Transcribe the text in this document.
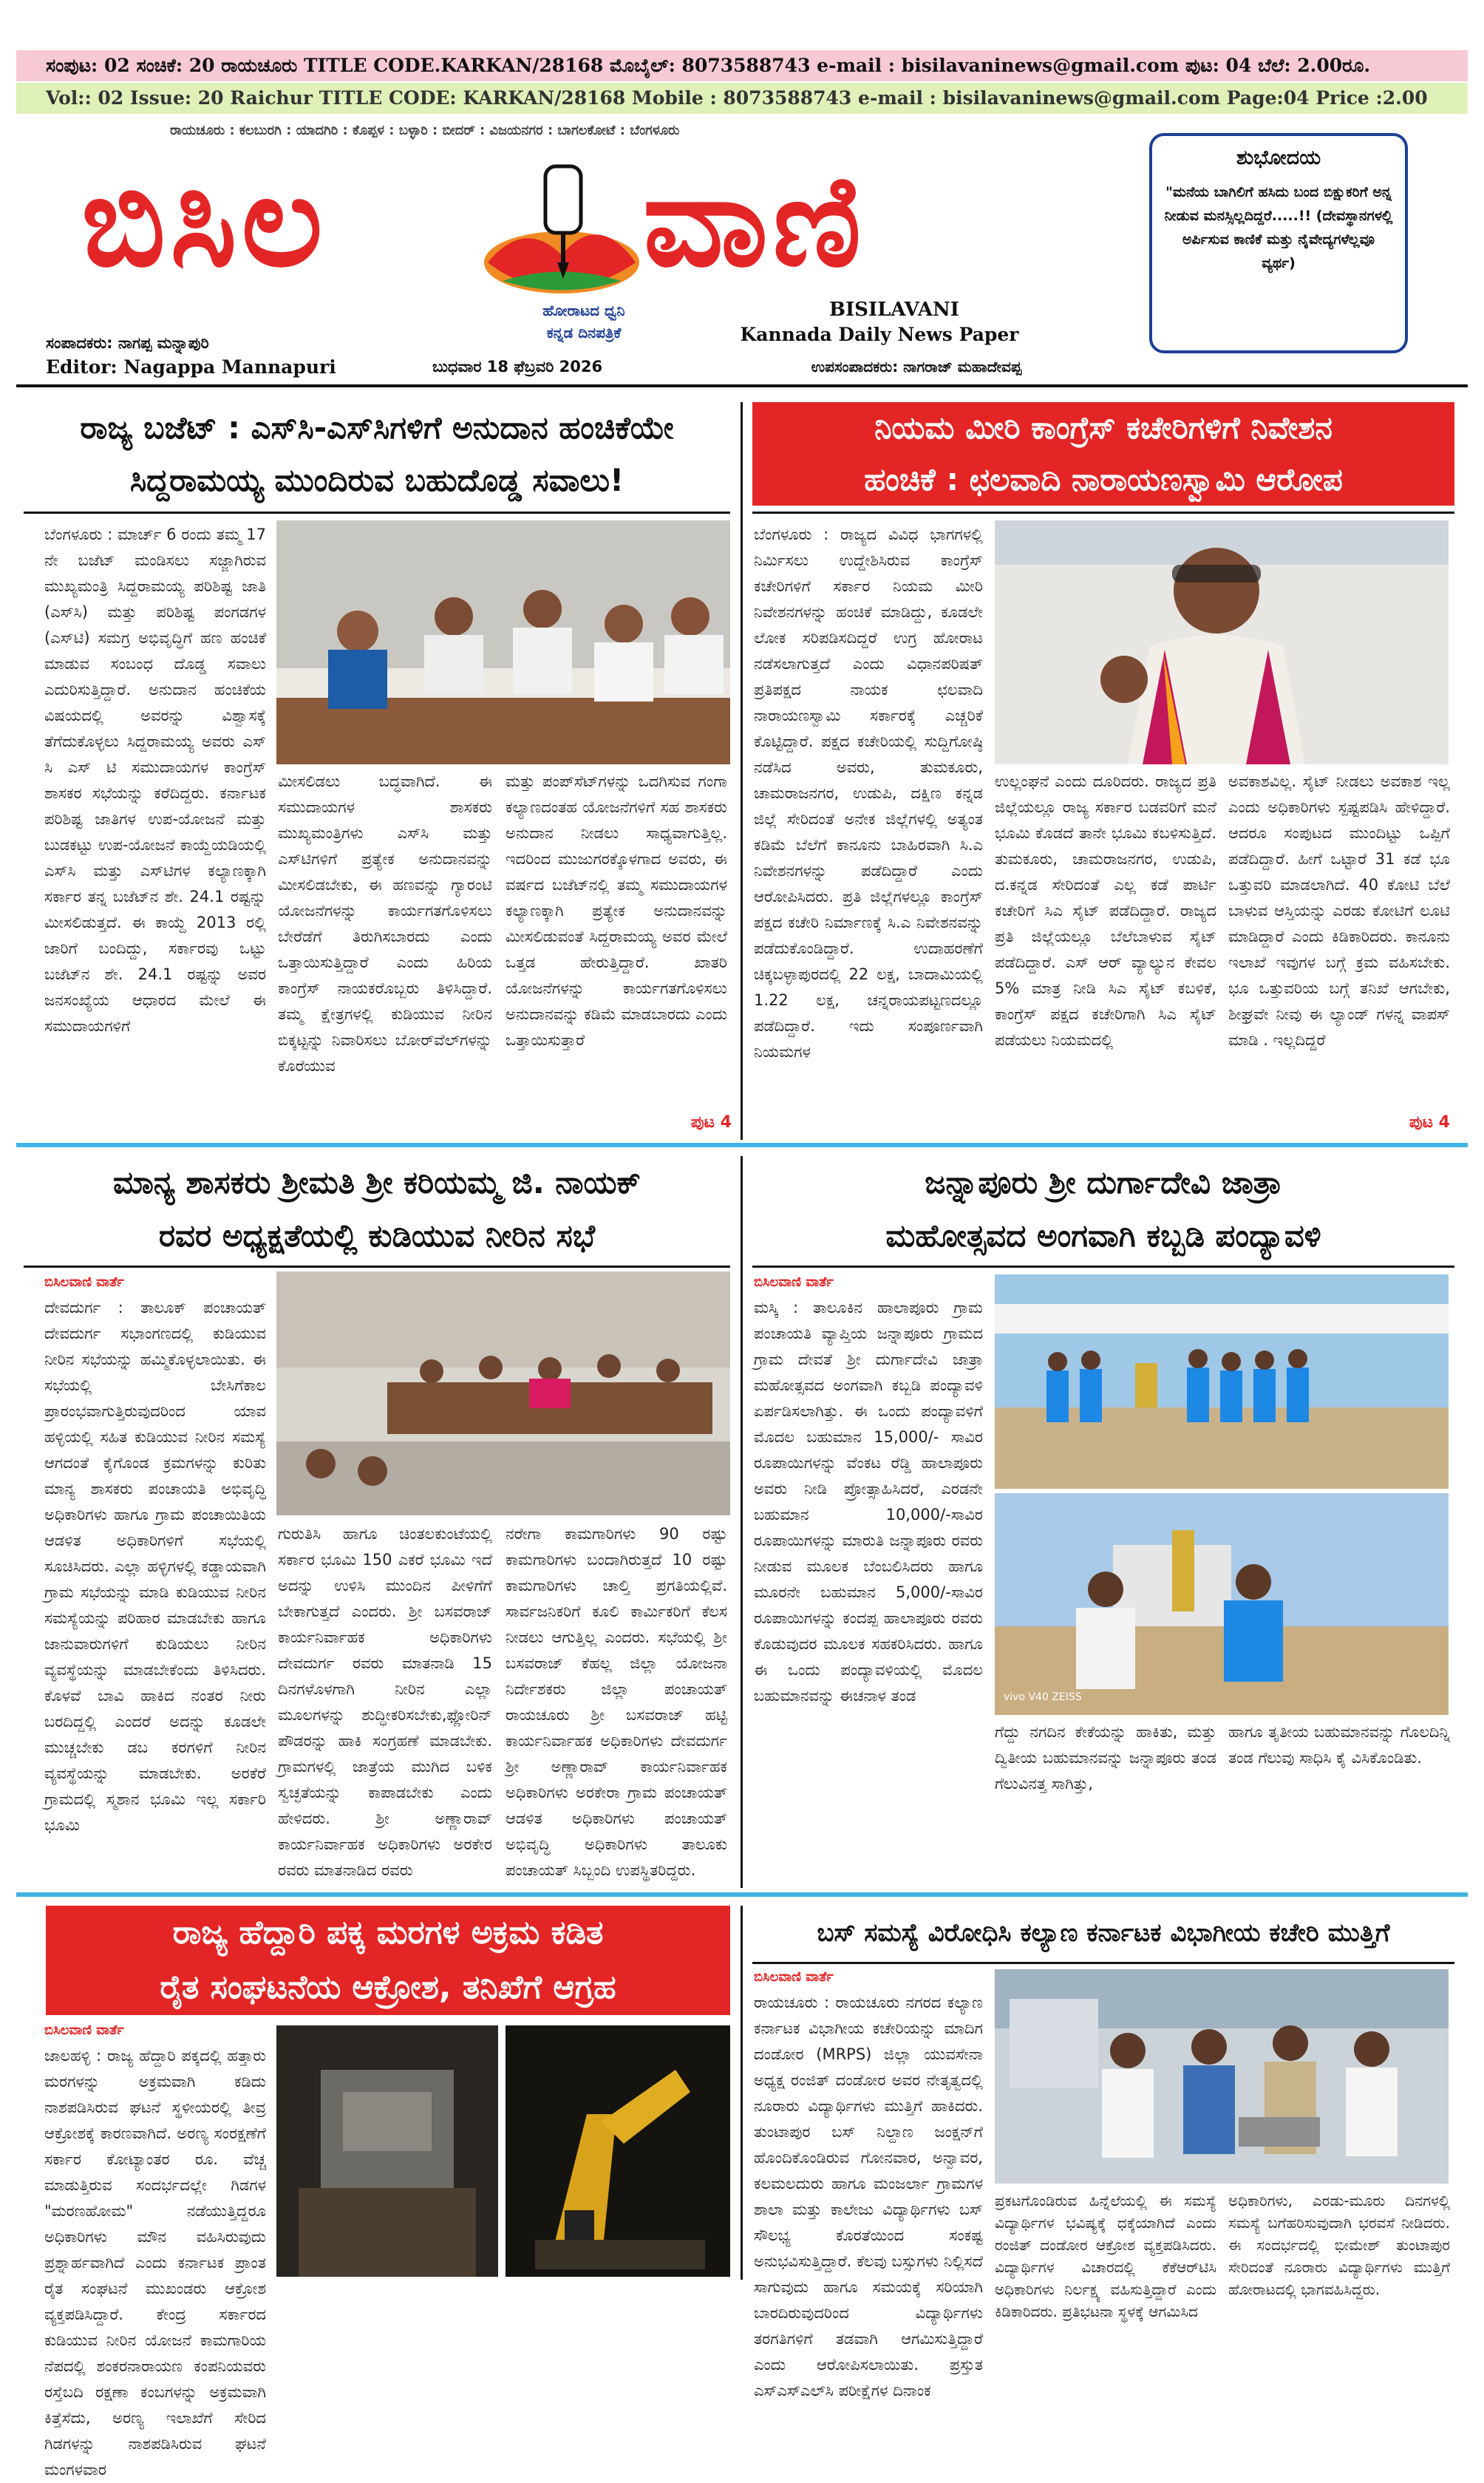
ಸಂಪುಟ: 02 ಸಂಚಿಕೆ: 20 ರಾಯಚೂರು TITLE CODE.KARKAN/28168 ಮೊಬೈಲ್: 8073588743 e-mail : bisilavaninews@gmail.com ಪುಟ: 04 ಬೆಲೆ: 2.00ರೂ.
Vol:: 02 Issue: 20 Raichur TITLE CODE: KARKAN/28168 Mobile : 8073588743 e-mail : bisilavaninews@gmail.com Page:04 Price :2.00
ರಾಯಚೂರು : ಕಲಬುರಗಿ : ಯಾದಗಿರಿ : ಕೊಪ್ಪಳ : ಬಳ್ಳಾರಿ : ಬೀದರ್ : ವಿಜಯನಗರ : ಬಾಗಲಕೋಟೆ : ಬೆಂಗಳೂರು
ಬಿಸಿಲ	ವಾಣಿ
ಹೋರಾಟದ ಧ್ವನಿ
ಕನ್ನಡ ದಿನಪತ್ರಿಕೆ
BISILAVANI
Kannada Daily News Paper
ಸಂಪಾದಕರು: ನಾಗಪ್ಪ ಮನ್ನಾಪುರಿ
Editor: Nagappa Mannapuri	ಬುಧವಾರ 18 ಫೆಬ್ರವರಿ 2026	ಉಪಸಂಪಾದಕರು: ನಾಗರಾಜ್ ಮಹಾದೇವಪ್ಪ
ಶುಭೋದಯ
"ಮನೆಯ ಬಾಗಿಲಿಗೆ ಹಸಿದು ಬಂದ ಬಿಕ್ಷುಕರಿಗೆ ಅನ್ನ ನೀಡುವ ಮನಸ್ಸಿಲ್ಲದಿದ್ದರೆ.....!! (ದೇವಸ್ಥಾನಗಳಲ್ಲಿ ಅರ್ಪಿಸುವ ಕಾಣಿಕೆ ಮತ್ತು ನೈವೇದ್ಯಗಳೆಲ್ಲವೂ ವ್ಯರ್ಥ)
ರಾಜ್ಯ ಬಜೆಟ್ : ಎಸ್‌ಸಿ-ಎಸ್‌ಸಿಗಳಿಗೆ ಅನುದಾನ ಹಂಚಿಕೆಯೇ
ಸಿದ್ದರಾಮಯ್ಯ ಮುಂದಿರುವ ಬಹುದೊಡ್ಡ ಸವಾಲು!
ಬೆಂಗಳೂರು : ಮಾರ್ಚ್ 6 ರಂದು ತಮ್ಮ 17 ನೇ ಬಜೆಟ್ ಮಂಡಿಸಲು ಸಜ್ಜಾಗಿರುವ ಮುಖ್ಯಮಂತ್ರಿ ಸಿದ್ದರಾಮಯ್ಯ ಪರಿಶಿಷ್ಟ ಜಾತಿ (ಎಸ್‌ಸಿ) ಮತ್ತು ಪರಿಶಿಷ್ಟ ಪಂಗಡಗಳ (ಎಸ್‌ಟಿ) ಸಮಗ್ರ ಅಭಿವೃದ್ಧಿಗೆ ಹಣ ಹಂಚಿಕೆ ಮಾಡುವ ಸಂಬಂಧ ದೊಡ್ಡ ಸವಾಲು ಎದುರಿಸುತ್ತಿದ್ದಾರೆ. ಅನುದಾನ ಹಂಚಿಕೆಯ ವಿಷಯದಲ್ಲಿ ಅವರನ್ನು ವಿಶ್ವಾಸಕ್ಕೆ ತೆಗೆದುಕೊಳ್ಳಲು ಸಿದ್ದರಾಮಯ್ಯ ಅವರು ಎಸ್ ಸಿ ಎಸ್ ಟಿ ಸಮುದಾಯಗಳ ಕಾಂಗ್ರೆಸ್ ಶಾಸಕರ ಸಭೆಯನ್ನು ಕರೆದಿದ್ದರು. ಕರ್ನಾಟಕ ಪರಿಶಿಷ್ಟ ಜಾತಿಗಳ ಉಪ-ಯೋಜನೆ ಮತ್ತು ಬುಡಕಟ್ಟು ಉಪ-ಯೋಜನೆ ಕಾಯ್ದೆಯಡಿಯಲ್ಲಿ ಎಸ್‌ಸಿ ಮತ್ತು ಎಸ್‌ಟಿಗಳ ಕಲ್ಯಾಣಕ್ಕಾಗಿ ಸರ್ಕಾರ ತನ್ನ ಬಜೆಟ್‌ನ ಶೇ. 24.1 ರಷ್ಟನ್ನು ಮೀಸಲಿಡುತ್ತದೆ. ಈ ಕಾಯ್ದೆ 2013 ರಲ್ಲಿ ಜಾರಿಗೆ ಬಂದಿದ್ದು, ಸರ್ಕಾರವು ಒಟ್ಟು ಬಜೆಟ್‌ನ ಶೇ. 24.1 ರಷ್ಟನ್ನು ಅವರ ಜನಸಂಖ್ಯೆಯ ಆಧಾರದ ಮೇಲೆ ಈ ಸಮುದಾಯಗಳಿಗೆ
ಮೀಸಲಿಡಲು ಬದ್ಧವಾಗಿದೆ. ಈ ಸಮುದಾಯಗಳ ಶಾಸಕರು ಮುಖ್ಯಮಂತ್ರಿಗಳು ಎಸ್‌ಸಿ ಮತ್ತು ಎಸ್‌ಟಿಗಳಿಗೆ ಪ್ರತ್ಯೇಕ ಅನುದಾನವನ್ನು ಮೀಸಲಿಡಬೇಕು, ಈ ಹಣವನ್ನು ಗ್ಯಾರಂಟಿ ಯೋಜನೆಗಳನ್ನು ಕಾರ್ಯಗತಗೊಳಿಸಲು ಬೇರೆಡೆಗೆ ತಿರುಗಿಸಬಾರದು ಎಂದು ಒತ್ತಾಯಿಸುತ್ತಿದ್ದಾರೆ ಎಂದು ಹಿರಿಯ ಕಾಂಗ್ರೆಸ್ ನಾಯಕರೊಬ್ಬರು ತಿಳಿಸಿದ್ದಾರೆ. ತಮ್ಮ ಕ್ಷೇತ್ರಗಳಲ್ಲಿ ಕುಡಿಯುವ ನೀರಿನ ಬಿಕ್ಕಟ್ಟನ್ನು ನಿವಾರಿಸಲು ಬೋರ್‌ವೆಲ್‌ಗಳನ್ನು ಕೊರೆಯುವ
ಮತ್ತು ಪಂಪ್‌ಸೆಟ್‌ಗಳನ್ನು ಒದಗಿಸುವ ಗಂಗಾ ಕಲ್ಯಾಣದಂತಹ ಯೋಜನೆಗಳಿಗೆ ಸಹ ಶಾಸಕರು ಅನುದಾನ ನೀಡಲು ಸಾಧ್ಯವಾಗುತ್ತಿಲ್ಲ. ಇದರಿಂದ ಮುಜುಗರಕ್ಕೊಳಗಾದ ಅವರು, ಈ ವರ್ಷದ ಬಜೆಟ್‌ನಲ್ಲಿ ತಮ್ಮ ಸಮುದಾಯಗಳ ಕಲ್ಯಾಣಕ್ಕಾಗಿ ಪ್ರತ್ಯೇಕ ಅನುದಾನವನ್ನು ಮೀಸಲಿಡುವಂತೆ ಸಿದ್ದರಾಮಯ್ಯ ಅವರ ಮೇಲೆ ಒತ್ತಡ ಹೇರುತ್ತಿದ್ದಾರೆ. ಖಾತರಿ ಯೋಜನೆಗಳನ್ನು ಕಾರ್ಯಗತಗೊಳಿಸಲು ಅನುದಾನವನ್ನು ಕಡಿಮೆ ಮಾಡಬಾರದು ಎಂದು ಒತ್ತಾಯಿಸುತ್ತಾರೆ
ಪುಟ 4
ನಿಯಮ ಮೀರಿ ಕಾಂಗ್ರೆಸ್ ಕಚೇರಿಗಳಿಗೆ ನಿವೇಶನ
ಹಂಚಿಕೆ : ಛಲವಾದಿ ನಾರಾಯಣಸ್ವಾಮಿ ಆರೋಪ
ಬೆಂಗಳೂರು : ರಾಜ್ಯದ ವಿವಿಧ ಭಾಗಗಳಲ್ಲಿ ನಿರ್ಮಿಸಲು ಉದ್ದೇಶಿಸಿರುವ ಕಾಂಗ್ರೆಸ್ ಕಚೇರಿಗಳಿಗೆ ಸರ್ಕಾರ ನಿಯಮ ಮೀರಿ ನಿವೇಶನಗಳನ್ನು ಹಂಚಿಕೆ ಮಾಡಿದ್ದು, ಕೂಡಲೇ ಲೋಕ ಸರಿಪಡಿಸದಿದ್ದರೆ ಉಗ್ರ ಹೋರಾಟ ನಡೆಸಲಾಗುತ್ತದೆ ಎಂದು ವಿಧಾನಪರಿಷತ್ ಪ್ರತಿಪಕ್ಷದ ನಾಯಕ ಛಲವಾದಿ ನಾರಾಯಣಸ್ವಾಮಿ ಸರ್ಕಾರಕ್ಕೆ ಎಚ್ಚರಿಕೆ ಕೊಟ್ಟಿದ್ದಾರೆ. ಪಕ್ಷದ ಕಚೇರಿಯಲ್ಲಿ ಸುದ್ದಿಗೋಷ್ಠಿ ನಡೆಸಿದ ಅವರು, ತುಮಕೂರು, ಚಾಮರಾಜನಗರ, ಉಡುಪಿ, ದಕ್ಷಿಣ ಕನ್ನಡ ಜಿಲ್ಲೆ ಸೇರಿದಂತೆ ಅನೇಕ ಜಿಲ್ಲೆಗಳಲ್ಲಿ ಅತ್ಯಂತ ಕಡಿಮೆ ಬೆಲೆಗೆ ಕಾನೂನು ಬಾಹಿರವಾಗಿ ಸಿ.ಎ ನಿವೇಶನಗಳನ್ನು ಪಡೆದಿದ್ದಾರೆ ಎಂದು ಆರೋಪಿಸಿದರು. ಪ್ರತಿ ಜಿಲ್ಲೆಗಳಲ್ಲೂ ಕಾಂಗ್ರೆಸ್ ಪಕ್ಷದ ಕಚೇರಿ ನಿರ್ಮಾಣಕ್ಕೆ ಸಿ.ಎ ನಿವೇಶನವನ್ನು ಪಡೆದುಕೊಂಡಿದ್ದಾರೆ. ಉದಾಹರಣೆಗೆ ಚಿಕ್ಕಬಳ್ಳಾಪುರದಲ್ಲಿ 22 ಲಕ್ಷ, ಬಾದಾಮಿಯಲ್ಲಿ 1.22 ಲಕ್ಷ, ಚನ್ನರಾಯಪಟ್ಟಣದಲ್ಲೂ ಪಡೆದಿದ್ದಾರೆ. ಇದು ಸಂಪೂರ್ಣವಾಗಿ ನಿಯಮಗಳ
ಉಲ್ಲಂಘನೆ ಎಂದು ದೂರಿದರು. ರಾಜ್ಯದ ಪ್ರತಿ ಜಿಲ್ಲೆಯಲ್ಲೂ ರಾಜ್ಯ ಸರ್ಕಾರ ಬಡವರಿಗೆ ಮನೆ ಭೂಮಿ ಕೊಡದೆ ತಾನೇ ಭೂಮಿ ಕಬಳಿಸುತ್ತಿದೆ. ತುಮಕೂರು, ಚಾಮರಾಜನಗರ, ಉಡುಪಿ, ದ.ಕನ್ನಡ ಸೇರಿದಂತೆ ಎಲ್ಲ ಕಡೆ ಪಾರ್ಟಿ ಕಚೇರಿಗೆ ಸಿಎ ಸೈಟ್ ಪಡೆದಿದ್ದಾರೆ. ರಾಜ್ಯದ ಪ್ರತಿ ಜಿಲ್ಲೆಯಲ್ಲೂ ಬೆಲೆಬಾಳುವ ಸೈಟ್ ಪಡೆದಿದ್ದಾರೆ. ಎಸ್ ಆರ್ ವ್ಯಾಲ್ಯುನ ಕೇವಲ 5% ಮಾತ್ರ ನೀಡಿ ಸಿಎ ಸೈಟ್ ಕಬಳಿಕೆ, ಕಾಂಗ್ರೆಸ್ ಪಕ್ಷದ ಕಚೇರಿಗಾಗಿ ಸಿಎ ಸೈಟ್ ಪಡೆಯಲು ನಿಯಮದಲ್ಲಿ
ಅವಕಾಶವಿಲ್ಲ. ಸೈಟ್ ನೀಡಲು ಅವಕಾಶ ಇಲ್ಲ ಎಂದು ಅಧಿಕಾರಿಗಳು ಸ್ಪಷ್ಟಪಡಿಸಿ ಹೇಳಿದ್ದಾರೆ. ಆದರೂ ಸಂಪುಟದ ಮುಂದಿಟ್ಟು ಒಪ್ಪಿಗೆ ಪಡೆದಿದ್ದಾರೆ. ಹೀಗೆ ಒಟ್ಟಾರೆ 31 ಕಡೆ ಭೂ ಒತ್ತುವರಿ ಮಾಡಲಾಗಿದೆ. 40 ಕೋಟಿ ಬೆಲೆ ಬಾಳುವ ಆಸ್ತಿಯನ್ನು ಎರಡು ಕೋಟಿಗೆ ಲೂಟಿ ಮಾಡಿದ್ದಾರೆ ಎಂದು ಕಿಡಿಕಾರಿದರು. ಕಾನೂನು ಇಲಾಖೆ ಇವುಗಳ ಬಗ್ಗೆ ಕ್ರಮ ವಹಿಸಬೇಕು. ಭೂ ಒತ್ತುವರಿಯ ಬಗ್ಗೆ ತನಿಖೆ ಆಗಬೇಕು, ಶೀಘ್ರವೇ ನೀವು ಈ ಲ್ಯಾಂಡ್ ಗಳನ್ನ ವಾಪಸ್ ಮಾಡಿ . ಇಲ್ಲದಿದ್ದರೆ
ಪುಟ 4
ಮಾನ್ಯ ಶಾಸಕರು ಶ್ರೀಮತಿ ಶ್ರೀ ಕರಿಯಮ್ಮ ಜಿ. ನಾಯಕ್
ರವರ ಅಧ್ಯಕ್ಷತೆಯಲ್ಲಿ ಕುಡಿಯುವ ನೀರಿನ ಸಭೆ
ಬಿಸಿಲವಾಣಿ ವಾರ್ತೆ
ದೇವದುರ್ಗ : ತಾಲೂಕ್ ಪಂಚಾಯತ್ ದೇವದುರ್ಗ ಸಭಾಂಗಣದಲ್ಲಿ ಕುಡಿಯುವ ನೀರಿನ ಸಭೆಯನ್ನು ಹಮ್ಮಿಕೊಳ್ಳಲಾಯಿತು. ಈ ಸಭೆಯಲ್ಲಿ ಬೇಸಿಗೆಕಾಲ ಪ್ರಾರಂಭವಾಗುತ್ತಿರುವುದರಿಂದ ಯಾವ ಹಳ್ಳಿಯಲ್ಲಿ ಸಹಿತ ಕುಡಿಯುವ ನೀರಿನ ಸಮಸ್ಯೆ ಆಗದಂತೆ ಕೈಗೊಂಡ ಕ್ರಮಗಳನ್ನು ಕುರಿತು ಮಾನ್ಯ ಶಾಸಕರು ಪಂಚಾಯತಿ ಅಭಿವೃದ್ಧಿ ಅಧಿಕಾರಿಗಳು ಹಾಗೂ ಗ್ರಾಮ ಪಂಚಾಯಿತಿಯ ಆಡಳಿತ ಅಧಿಕಾರಿಗಳಿಗೆ ಸಭೆಯಲ್ಲಿ ಸೂಚಿಸಿದರು. ಎಲ್ಲಾ ಹಳ್ಳಿಗಳಲ್ಲಿ ಕಡ್ಡಾಯವಾಗಿ ಗ್ರಾಮ ಸಭೆಯನ್ನು ಮಾಡಿ ಕುಡಿಯುವ ನೀರಿನ ಸಮಸ್ಯೆಯನ್ನು ಪರಿಹಾರ ಮಾಡಬೇಕು ಹಾಗೂ ಜಾನುವಾರುಗಳಿಗೆ ಕುಡಿಯಲು ನೀರಿನ ವ್ಯವಸ್ಥೆಯನ್ನು ಮಾಡಬೇಕೆಂದು ತಿಳಿಸಿದರು. ಕೊಳವೆ ಬಾವಿ ಹಾಕಿದ ನಂತರ ನೀರು ಬರದಿದ್ದಲ್ಲಿ ಎಂದರೆ ಅದನ್ನು ಕೂಡಲೇ ಮುಚ್ಚಬೇಕು ಡಬ ಕರಗಳಿಗೆ ನೀರಿನ ವ್ಯವಸ್ಥೆಯನ್ನು ಮಾಡಬೇಕು. ಅರಕೆರೆ ಗ್ರಾಮದಲ್ಲಿ ಸ್ಮಶಾನ ಭೂಮಿ ಇಲ್ಲ ಸರ್ಕಾರಿ ಭೂಮಿ
ಗುರುತಿಸಿ ಹಾಗೂ ಚಿಂತಲಕುಂಟೆಯಲ್ಲಿ ಸರ್ಕಾರ ಭೂಮಿ 150 ಎಕರೆ ಭೂಮಿ ಇದೆ ಅದನ್ನು ಉಳಿಸಿ ಮುಂದಿನ ಪೀಳಿಗೆಗೆ ಬೇಕಾಗುತ್ತದೆ ಎಂದರು. ಶ್ರೀ ಬಸವರಾಜ್ ಕಾರ್ಯನಿರ್ವಾಹಕ ಅಧಿಕಾರಿಗಳು ದೇವದುರ್ಗ ರವರು ಮಾತನಾಡಿ 15 ದಿನಗಳೊಳಗಾಗಿ ನೀರಿನ ಎಲ್ಲಾ ಮೂಲಗಳನ್ನು ಶುದ್ಧೀಕರಿಸಬೇಕು,ಫ್ಲೋರಿನ್ ಪೌಡರನ್ನು ಹಾಕಿ ಸಂಗ್ರಹಣೆ ಮಾಡಬೇಕು. ಗ್ರಾಮಗಳಲ್ಲಿ ಜಾತ್ರೆಯ ಮುಗಿದ ಬಳಿಕ ಸ್ವಚ್ಛತೆಯನ್ನು ಕಾಪಾಡಬೇಕು ಎಂದು ಹೇಳಿದರು. ಶ್ರೀ ಅಣ್ಣಾರಾವ್ ಕಾರ್ಯನಿರ್ವಾಹಕ ಅಧಿಕಾರಿಗಳು ಅರಕೇರ ರವರು ಮಾತನಾಡಿದ ರವರು
ನರೇಗಾ ಕಾಮಗಾರಿಗಳು 90 ರಷ್ಟು ಕಾಮಗಾರಿಗಳು ಬಂದಾಗಿರುತ್ತದೆ 10 ರಷ್ಟು ಕಾಮಗಾರಿಗಳು ಚಾಲ್ತಿ ಪ್ರಗತಿಯಲ್ಲಿವೆ. ಸಾರ್ವಜನಿಕರಿಗೆ ಕೂಲಿ ಕಾರ್ಮಿಕರಿಗೆ ಕೆಲಸ ನೀಡಲು ಆಗುತ್ತಿಲ್ಲ ಎಂದರು. ಸಭೆಯಲ್ಲಿ ಶ್ರೀ ಬಸವರಾಜ್ ಕೆಹಲ್ಲ ಜಿಲ್ಲಾ ಯೋಜನಾ ನಿರ್ದೇಶಕರು ಜಿಲ್ಲಾ ಪಂಚಾಯತ್ ರಾಯಚೂರು ಶ್ರೀ ಬಸವರಾಜ್ ಹಟ್ಟಿ ಕಾರ್ಯನಿರ್ವಾಹಕ ಅಧಿಕಾರಿಗಳು ದೇವದುರ್ಗ ಶ್ರೀ ಅಣ್ಣಾರಾವ್ ಕಾರ್ಯನಿರ್ವಾಹಕ ಅಧಿಕಾರಿಗಳು ಅರಕೇರಾ ಗ್ರಾಮ ಪಂಚಾಯತ್ ಆಡಳಿತ ಅಧಿಕಾರಿಗಳು ಪಂಚಾಯತ್ ಅಭಿವೃದ್ಧಿ ಅಧಿಕಾರಿಗಳು ತಾಲೂಕು ಪಂಚಾಯತ್ ಸಿಬ್ಬಂದಿ ಉಪಸ್ಥಿತರಿದ್ದರು.
ಜನ್ನಾಪೂರು ಶ್ರೀ ದುರ್ಗಾದೇವಿ ಜಾತ್ರಾ
ಮಹೋತ್ಸವದ ಅಂಗವಾಗಿ ಕಬ್ಬಡಿ ಪಂದ್ಯಾವಳಿ
ಬಿಸಿಲವಾಣಿ ವಾರ್ತೆ
ಮಸ್ಕಿ : ತಾಲೂಕಿನ ಹಾಲಾಪೂರು ಗ್ರಾಮ ಪಂಚಾಯತಿ ವ್ಯಾಪ್ತಿಯ ಜನ್ನಾಪೂರು ಗ್ರಾಮದ ಗ್ರಾಮ ದೇವತೆ ಶ್ರೀ ದುರ್ಗಾದೇವಿ ಜಾತ್ರಾ ಮಹೋತ್ಸವದ ಅಂಗವಾಗಿ ಕಬ್ಬಡಿ ಪಂದ್ಯಾವಳಿ ಏರ್ಪಡಿಸಲಾಗಿತ್ತು. ಈ ಒಂದು ಪಂದ್ಯಾವಳಿಗೆ ಮೊದಲ ಬಹುಮಾನ 15,000/- ಸಾವಿರ ರೂಪಾಯಿಗಳನ್ನು ವೆಂಕಟ ರೆಡ್ಡಿ ಹಾಲಾಪೂರು ಅವರು ನೀಡಿ ಪ್ರೋತ್ಸಾಹಿಸಿದರೆ, ಎರಡನೇ ಬಹುಮಾನ 10,000/-ಸಾವಿರ ರೂಪಾಯಿಗಳನ್ನು ಮಾರುತಿ ಜನ್ನಾಪೂರು ರವರು ನೀಡುವ ಮೂಲಕ ಬೆಂಬಲಿಸಿದರು ಹಾಗೂ ಮೂರನೇ ಬಹುಮಾನ 5,000/-ಸಾವಿರ ರೂಪಾಯಿಗಳನ್ನು ಕಂದಪ್ಪ ಹಾಲಾಪೂರು ರವರು ಕೊಡುವುದರ ಮೂಲಕ ಸಹಕರಿಸಿದರು. ಹಾಗೂ ಈ ಒಂದು ಪಂದ್ಯಾವಳಿಯಲ್ಲಿ ಮೊದಲ ಬಹುಮಾನವನ್ನು ಈಚನಾಳ ತಂಡ	vivo V40 ZEISS
ಗೆದ್ದು ನಗದಿನ ಕೇಕೆಯನ್ನು ಹಾಕಿತು, ಮತ್ತು ದ್ವಿತೀಯ ಬಹುಮಾನವನ್ನು ಜನ್ನಾಪೂರು ತಂಡ ಗೆಲುವಿನತ್ತ ಸಾಗಿತ್ತು,
ಹಾಗೂ ತೃತೀಯ ಬಹುಮಾನವನ್ನು ಗೊಲದಿನ್ನಿ ತಂಡ ಗೆಲುವು ಸಾಧಿಸಿ ಕೈ ವಿಸಿಕೊಂಡಿತು.
ರಾಜ್ಯ ಹೆದ್ದಾರಿ ಪಕ್ಕ ಮರಗಳ ಅಕ್ರಮ ಕಡಿತ
ರೈತ ಸಂಘಟನೆಯ ಆಕ್ರೋಶ, ತನಿಖೆಗೆ ಆಗ್ರಹ
ಬಿಸಿಲವಾಣಿ ವಾರ್ತೆ
ಜಾಲಹಳ್ಳಿ : ರಾಜ್ಯ ಹೆದ್ದಾರಿ ಪಕ್ಕದಲ್ಲಿ ಹತ್ತಾರು ಮರಗಳನ್ನು ಅಕ್ರಮವಾಗಿ ಕಡಿದು ನಾಶಪಡಿಸಿರುವ ಘಟನೆ ಸ್ಥಳೀಯರಲ್ಲಿ ತೀವ್ರ ಆಕ್ರೋಶಕ್ಕೆ ಕಾರಣವಾಗಿದೆ. ಅರಣ್ಯ ಸಂರಕ್ಷಣೆಗೆ ಸರ್ಕಾರ ಕೋಟ್ಯಾಂತರ ರೂ. ವೆಚ್ಚ ಮಾಡುತ್ತಿರುವ ಸಂದರ್ಭದಲ್ಲೇ ಗಿಡಗಳ "ಮರಣಹೋಮ" ನಡೆಯುತ್ತಿದ್ದರೂ ಅಧಿಕಾರಿಗಳು ಮೌನ ವಹಿಸಿರುವುದು ಪ್ರಶ್ನಾರ್ಹವಾಗಿದೆ ಎಂದು ಕರ್ನಾಟಕ ಪ್ರಾಂತ ರೈತ ಸಂಘಟನೆ ಮುಖಂಡರು ಆಕ್ರೋಶ ವ್ಯಕ್ತಪಡಿಸಿದ್ದಾರೆ. ಕೇಂದ್ರ ಸರ್ಕಾರದ ಕುಡಿಯುವ ನೀರಿನ ಯೋಜನೆ ಕಾಮಗಾರಿಯ ನೆಪದಲ್ಲಿ ಶಂಕರನಾರಾಯಣ ಕಂಪನಿಯವರು ರಸ್ತೆಬದಿ ರಕ್ಷಣಾ ಕಂಬಗಳನ್ನು ಅಕ್ರಮವಾಗಿ ಕಿತ್ತೆಸೆದು, ಅರಣ್ಯ ಇಲಾಖೆಗೆ ಸೇರಿದ ಗಿಡಗಳನ್ನು ನಾಶಪಡಿಸಿರುವ ಘಟನೆ ಮಂಗಳವಾರ
ಬಸ್ ಸಮಸ್ಯೆ ವಿರೋಧಿಸಿ ಕಲ್ಯಾಣ ಕರ್ನಾಟಕ ವಿಭಾಗೀಯ ಕಚೇರಿ ಮುತ್ತಿಗೆ
ಬಿಸಿಲವಾಣಿ ವಾರ್ತೆ
ರಾಯಚೂರು : ರಾಯಚೂರು ನಗರದ ಕಲ್ಯಾಣ ಕರ್ನಾಟಕ ವಿಭಾಗೀಯ ಕಚೇರಿಯನ್ನು ಮಾದಿಗ ದಂಡೋರ (MRPS) ಜಿಲ್ಲಾ ಯುವಸೇನಾ ಅಧ್ಯಕ್ಷ ರಂಜಿತ್ ದಂಡೋರ ಅವರ ನೇತೃತ್ವದಲ್ಲಿ ನೂರಾರು ವಿದ್ಯಾರ್ಥಿಗಳು ಮುತ್ತಿಗೆ ಹಾಕಿದರು. ತುಂಟಾಪುರ ಬಸ್ ನಿಲ್ದಾಣ ಜಂಕ್ಷನ್‌ಗೆ ಹೊಂದಿಕೊಂಡಿರುವ ಗೋನವಾರ, ಅನ್ವಾವರ, ಕಲಮಲದುರು ಹಾಗೂ ಮಂಜರ್ಲಾ ಗ್ರಾಮಗಳ ಶಾಲಾ ಮತ್ತು ಕಾಲೇಜು ವಿದ್ಯಾರ್ಥಿಗಳು ಬಸ್ ಸೌಲಭ್ಯ ಕೊರತೆಯಿಂದ ಸಂಕಷ್ಟ ಅನುಭವಿಸುತ್ತಿದ್ದಾರೆ. ಕೆಲವು ಬಸ್ಸುಗಳು ನಿಲ್ಲಿಸದೆ ಸಾಗುವುದು ಹಾಗೂ ಸಮಯಕ್ಕೆ ಸರಿಯಾಗಿ ಬಾರದಿರುವುದರಿಂದ ವಿದ್ಯಾರ್ಥಿಗಳು ತರಗತಿಗಳಿಗೆ ತಡವಾಗಿ ಆಗಮಿಸುತ್ತಿದ್ದಾರೆ ಎಂದು ಆರೋಪಿಸಲಾಯಿತು. ಪ್ರಸ್ತುತ ಎಸ್‌ಎಸ್‌ಎಲ್‌ಸಿ ಪರೀಕ್ಷೆಗಳ ದಿನಾಂಕ
ಪ್ರಕಟಗೊಂಡಿರುವ ಹಿನ್ನೆಲೆಯಲ್ಲಿ ಈ ಸಮಸ್ಯೆ ವಿದ್ಯಾರ್ಥಿಗಳ ಭವಿಷ್ಯಕ್ಕೆ ಧಕ್ಕೆಯಾಗಿದೆ ಎಂದು ರಂಜಿತ್ ದಂಡೋರ ಆಕ್ರೋಶ ವ್ಯಕ್ತಪಡಿಸಿದರು. ವಿದ್ಯಾರ್ಥಿಗಳ ವಿಚಾರದಲ್ಲಿ ಕೆಕೆಆರ್‌ಟಿಸಿ ಅಧಿಕಾರಿಗಳು ನಿರ್ಲಕ್ಷ್ಯ ವಹಿಸುತ್ತಿದ್ದಾರೆ ಎಂದು ಕಿಡಿಕಾರಿದರು. ಪ್ರತಿಭಟನಾ ಸ್ಥಳಕ್ಕೆ ಆಗಮಿಸಿದ
ಅಧಿಕಾರಿಗಳು, ಎರಡು-ಮೂರು ದಿನಗಳಲ್ಲಿ ಸಮಸ್ಯೆ ಬಗೆಹರಿಸುವುದಾಗಿ ಭರವಸೆ ನೀಡಿದರು. ಈ ಸಂದರ್ಭದಲ್ಲಿ ಭೀಮೇಶ್ ತುಂಟಾಪುರ ಸೇರಿದಂತೆ ನೂರಾರು ವಿದ್ಯಾರ್ಥಿಗಳು ಮುತ್ತಿಗೆ ಹೋರಾಟದಲ್ಲಿ ಭಾಗವಹಿಸಿದ್ದರು.
